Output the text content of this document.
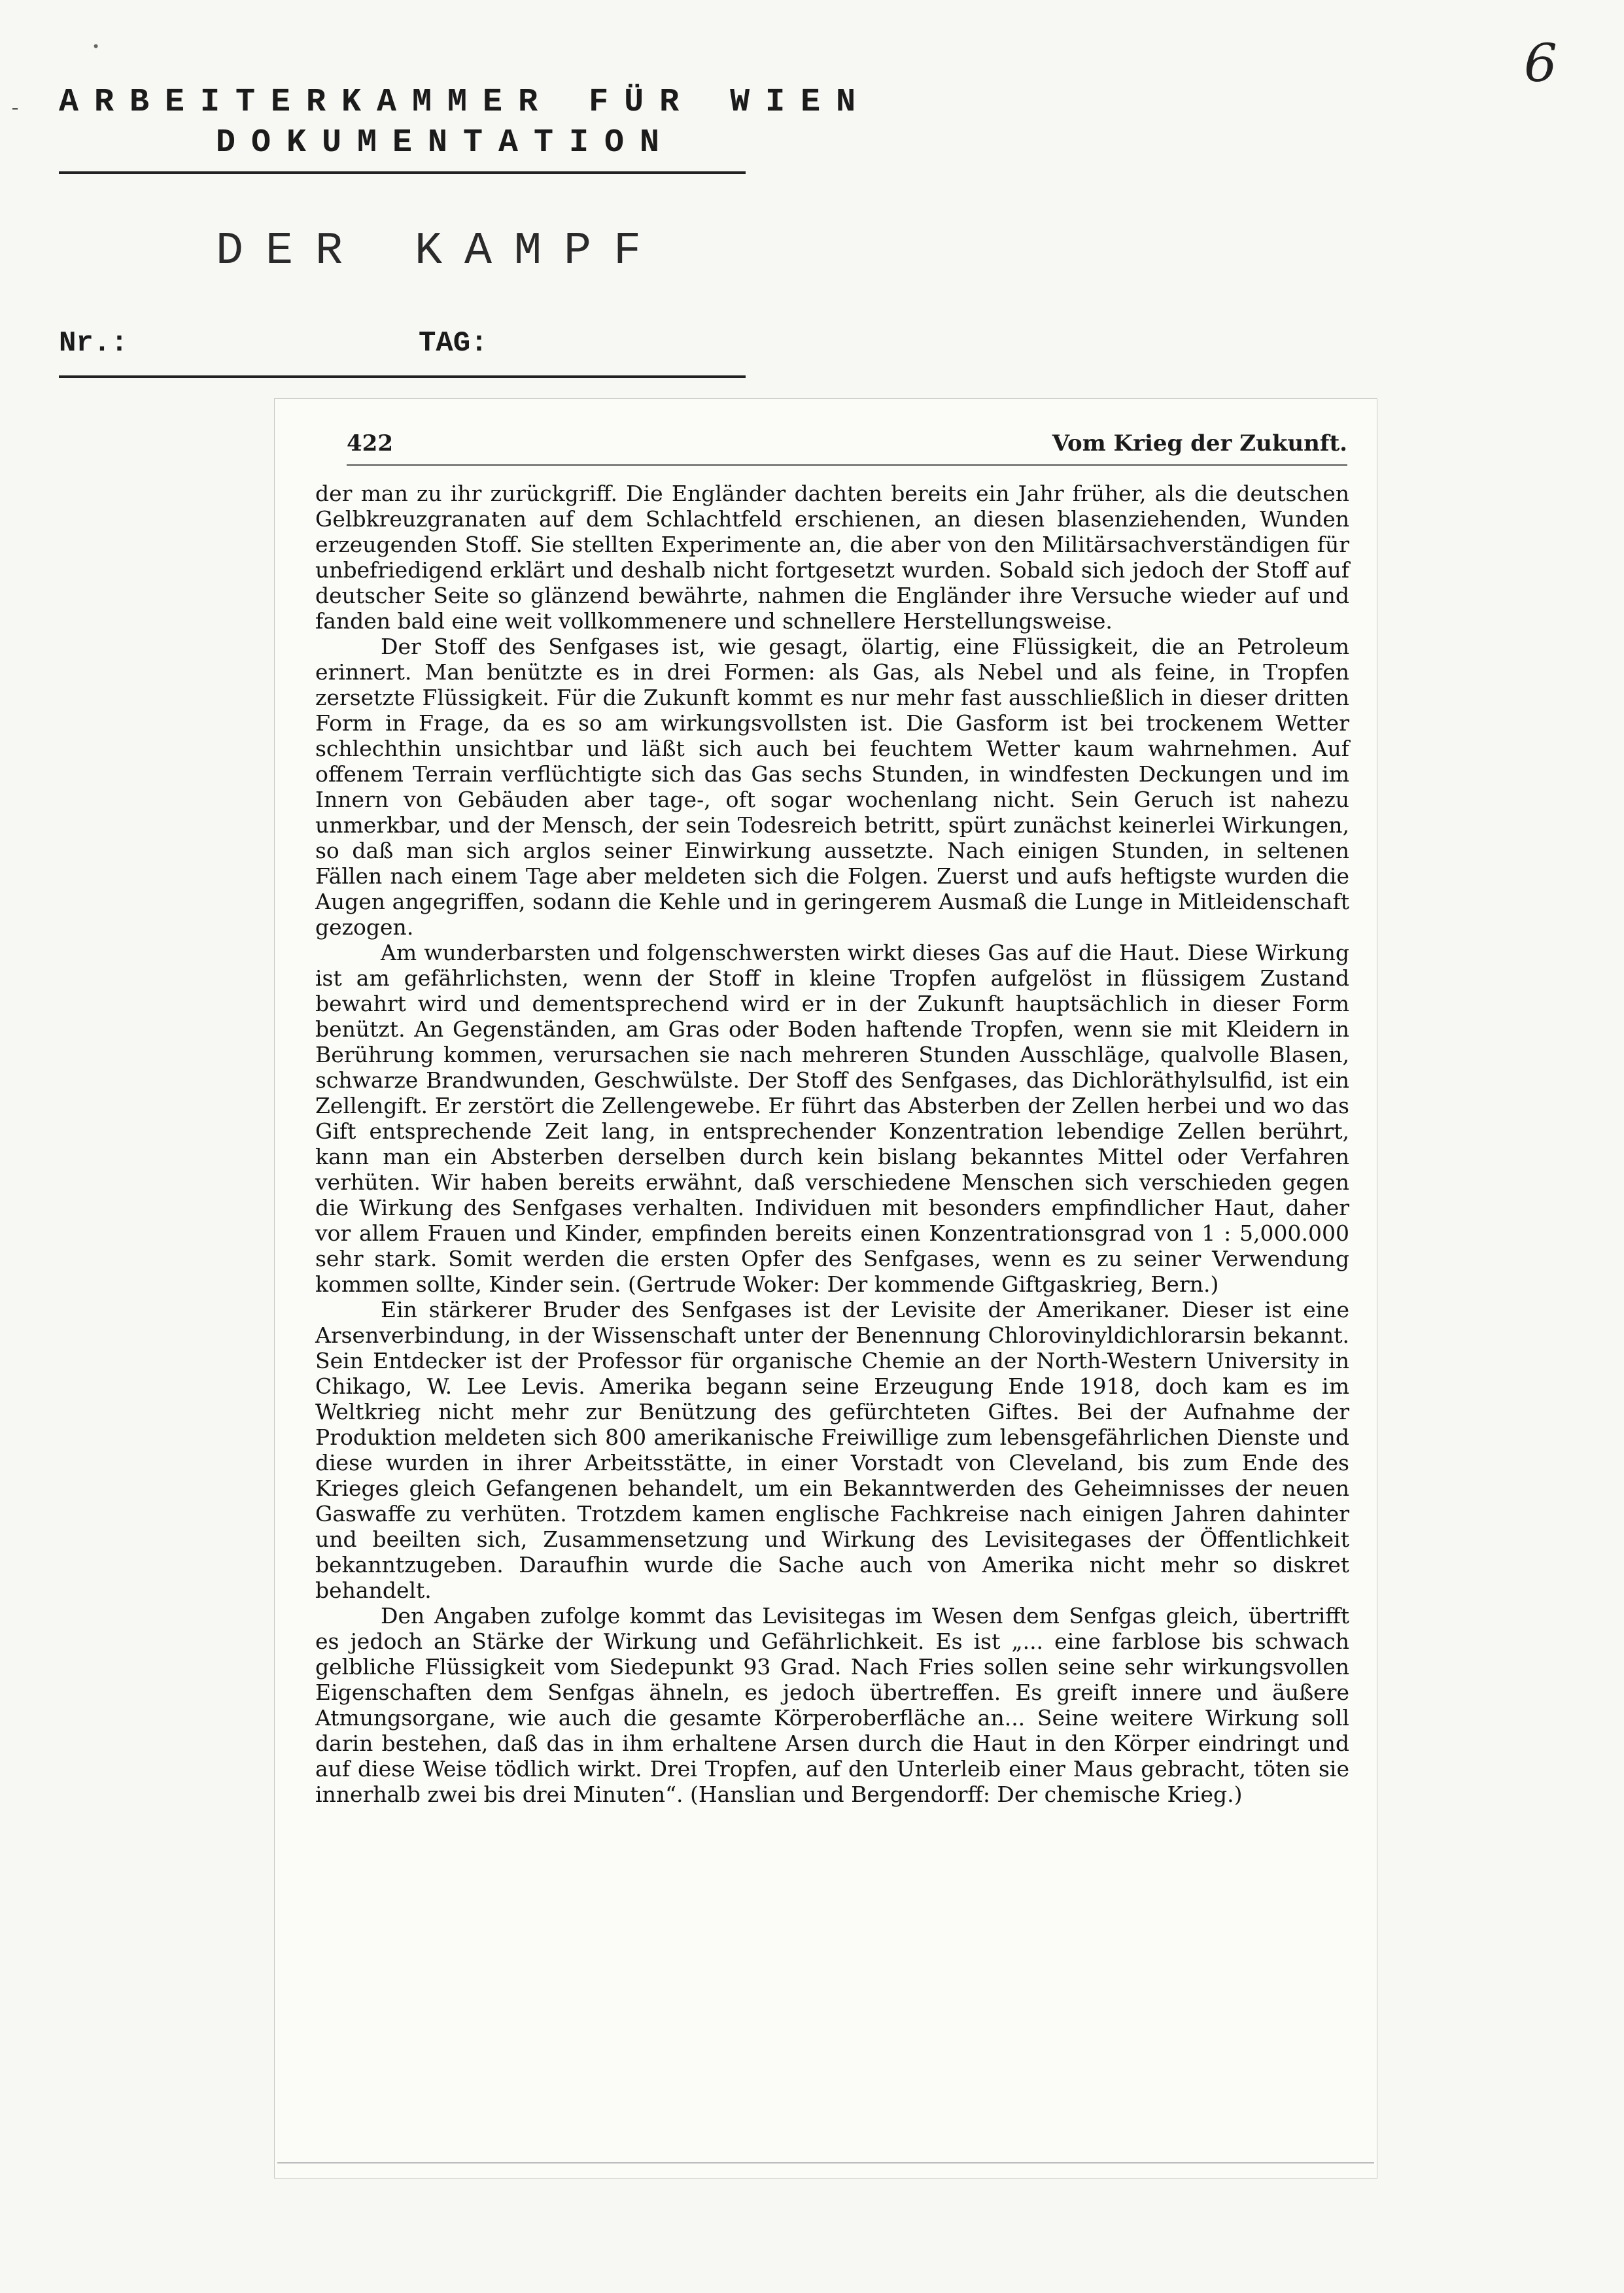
•
-
6
ARBEITERKAMMER FÜR WIEN
DOKUMENTATION
DER KAMPF
Nr.:	TAG:
422	Vom Krieg der Zukunft.

der man zu ihr zurückgriff. Die Engländer dachten bereits ein Jahr früher, als die deutschen Gelbkreuzgranaten auf dem Schlachtfeld erschienen, an diesen blasenziehenden, Wunden erzeugenden Stoff. Sie stellten Experimente an, die aber von den Militärsachverständigen für unbefriedigend erklärt und deshalb nicht fortgesetzt wurden. Sobald sich jedoch der Stoff auf deutscher Seite so glänzend bewährte, nahmen die Engländer ihre Versuche wieder auf und fanden bald eine weit vollkommenere und schnellere Herstellungsweise.

Der Stoff des Senfgases ist, wie gesagt, ölartig, eine Flüssigkeit, die an Petroleum erinnert. Man benützte es in drei Formen: als Gas, als Nebel und als feine, in Tropfen zersetzte Flüssigkeit. Für die Zukunft kommt es nur mehr fast ausschließlich in dieser dritten Form in Frage, da es so am wirkungsvollsten ist. Die Gasform ist bei trockenem Wetter schlechthin unsichtbar und läßt sich auch bei feuchtem Wetter kaum wahrnehmen. Auf offenem Terrain verflüchtigte sich das Gas sechs Stunden, in windfesten Deckungen und im Innern von Gebäuden aber tage-, oft sogar wochenlang nicht. Sein Geruch ist nahezu unmerkbar, und der Mensch, der sein Todesreich betritt, spürt zunächst keinerlei Wirkungen, so daß man sich arglos seiner Einwirkung aussetzte. Nach einigen Stunden, in seltenen Fällen nach einem Tage aber meldeten sich die Folgen. Zuerst und aufs heftigste wurden die Augen angegriffen, sodann die Kehle und in geringerem Ausmaß die Lunge in Mitleidenschaft gezogen.

Am wunderbarsten und folgenschwersten wirkt dieses Gas auf die Haut. Diese Wirkung ist am gefährlichsten, wenn der Stoff in kleine Tropfen aufgelöst in flüssigem Zustand bewahrt wird und dementsprechend wird er in der Zukunft hauptsächlich in dieser Form benützt. An Gegenständen, am Gras oder Boden haftende Tropfen, wenn sie mit Kleidern in Berührung kommen, verursachen sie nach mehreren Stunden Ausschläge, qualvolle Blasen, schwarze Brandwunden, Geschwülste. Der Stoff des Senfgases, das Dichloräthylsulfid, ist ein Zellengift. Er zerstört die Zellengewebe. Er führt das Absterben der Zellen herbei und wo das Gift entsprechende Zeit lang, in entsprechender Konzentration lebendige Zellen berührt, kann man ein Absterben derselben durch kein bislang bekanntes Mittel oder Verfahren verhüten. Wir haben bereits erwähnt, daß verschiedene Menschen sich verschieden gegen die Wirkung des Senfgases verhalten. Individuen mit besonders empfindlicher Haut, daher vor allem Frauen und Kinder, empfinden bereits einen Konzentrationsgrad von 1 : 5,000.000 sehr stark. Somit werden die ersten Opfer des Senfgases, wenn es zu seiner Verwendung kommen sollte, Kinder sein. (Gertrude Woker: Der kommende Giftgaskrieg, Bern.)

Ein stärkerer Bruder des Senfgases ist der Levisite der Amerikaner. Dieser ist eine Arsenverbindung, in der Wissenschaft unter der Benennung Chlorovinyldichlorarsin bekannt. Sein Entdecker ist der Professor für organische Chemie an der North-Western University in Chikago, W. Lee Levis. Amerika begann seine Erzeugung Ende 1918, doch kam es im Weltkrieg nicht mehr zur Benützung des gefürchteten Giftes. Bei der Aufnahme der Produktion meldeten sich 800 amerikanische Freiwillige zum lebensgefährlichen Dienste und diese wurden in ihrer Arbeitsstätte, in einer Vorstadt von Cleveland, bis zum Ende des Krieges gleich Gefangenen behandelt, um ein Bekanntwerden des Geheimnisses der neuen Gaswaffe zu verhüten. Trotzdem kamen englische Fachkreise nach einigen Jahren dahinter und beeilten sich, Zusammensetzung und Wirkung des Levisitegases der Öffentlichkeit bekanntzugeben. Daraufhin wurde die Sache auch von Amerika nicht mehr so diskret behandelt.

Den Angaben zufolge kommt das Levisitegas im Wesen dem Senfgas gleich, übertrifft es jedoch an Stärke der Wirkung und Gefährlichkeit. Es ist „... eine farblose bis schwach gelbliche Flüssigkeit vom Siedepunkt 93 Grad. Nach Fries sollen seine sehr wirkungsvollen Eigenschaften dem Senfgas ähneln, es jedoch übertreffen. Es greift innere und äußere Atmungsorgane, wie auch die gesamte Körperoberfläche an... Seine weitere Wirkung soll darin bestehen, daß das in ihm erhaltene Arsen durch die Haut in den Körper eindringt und auf diese Weise tödlich wirkt. Drei Tropfen, auf den Unterleib einer Maus gebracht, töten sie innerhalb zwei bis drei Minuten“. (Hanslian und Bergendorff: Der chemische Krieg.)
